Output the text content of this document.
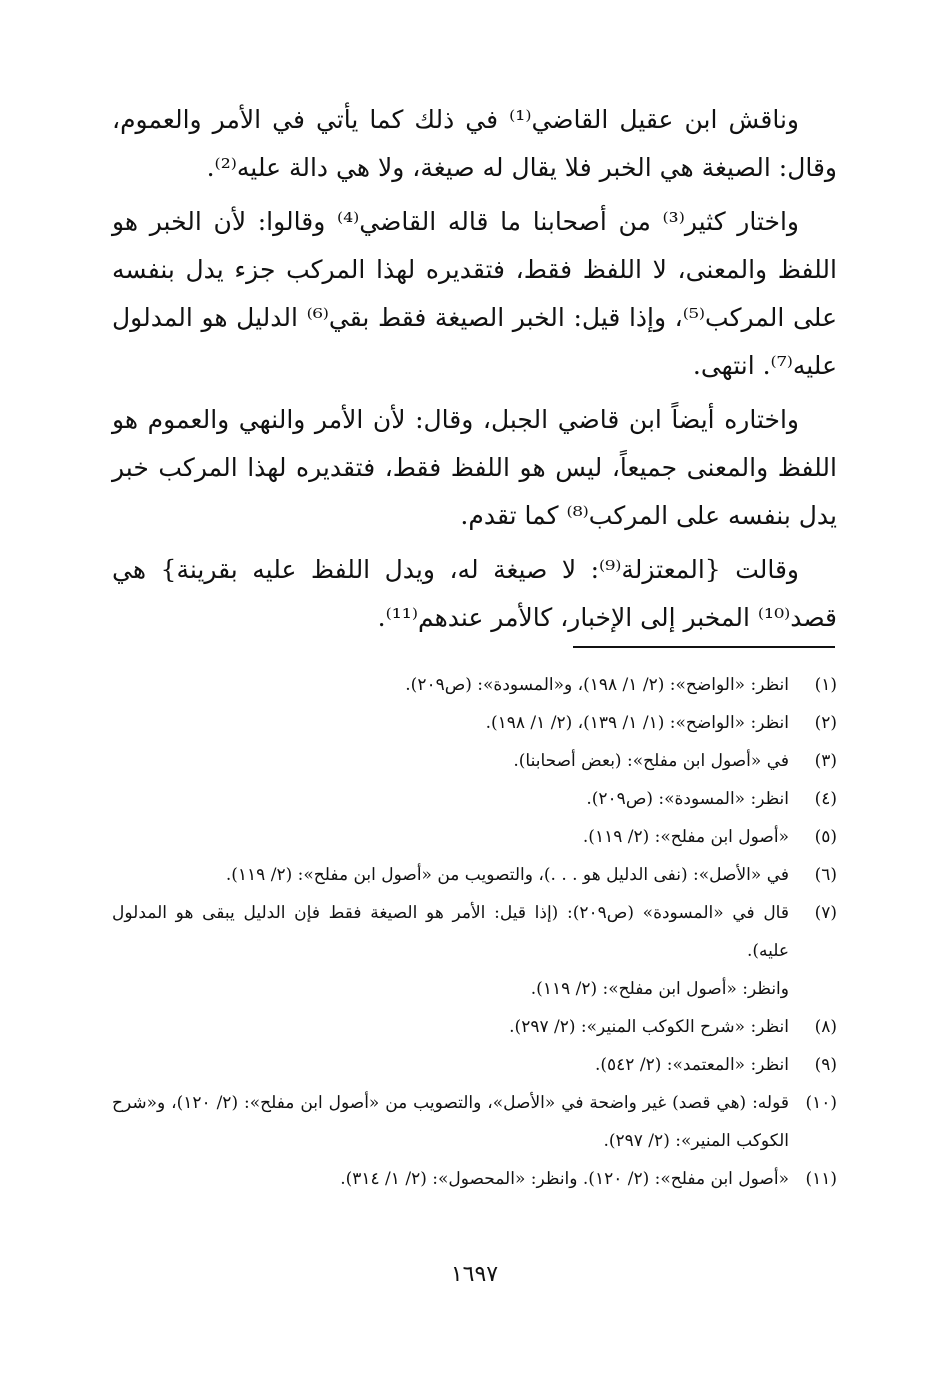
وناقش ابن عقيل القاضي⁽¹⁾ في ذلك كما يأتي في الأمر والعموم، وقال: الصيغة هي الخبر فلا يقال له صيغة، ولا هي دالة عليه⁽²⁾.

واختار كثير⁽³⁾ من أصحابنا ما قاله القاضي⁽⁴⁾ وقالوا: لأن الخبر هو اللفظ والمعنى، لا اللفظ فقط، فتقديره لهذا المركب جزء يدل بنفسه على المركب⁽⁵⁾، وإذا قيل: الخبر الصيغة فقط بقي⁽⁶⁾ الدليل هو المدلول عليه⁽⁷⁾. انتهى.

واختاره أيضاً ابن قاضي الجبل، وقال: لأن الأمر والنهي والعموم هو اللفظ والمعنى جميعاً، ليس هو اللفظ فقط، فتقديره لهذا المركب خبر يدل بنفسه على المركب⁽⁸⁾ كما تقدم.

وقالت {المعتزلة⁽⁹⁾: لا صيغة له، ويدل اللفظ عليه بقرينة} هي قصد⁽¹⁰⁾ المخبر إلى الإخبار، كالأمر عندهم⁽¹¹⁾.

(١)
انظر: «الواضح»: (٢/ ١/ ١٩٨)، و«المسودة»: (ص٢٠٩).
(٢)
انظر: «الواضح»: (١/ ١/ ١٣٩)، (٢/ ١/ ١٩٨).
(٣)
في «أصول ابن مفلح»: (بعض أصحابنا).
(٤)
انظر: «المسودة»: (ص٢٠٩).
(٥)
«أصول ابن مفلح»: (٢/ ١١٩).
(٦)
في «الأصل»: (نفى الدليل هو . . .)، والتصويب من «أصول ابن مفلح»: (٢/ ١١٩).
(٧)
قال في «المسودة» (ص٢٠٩): (إذا قيل: الأمر هو الصيغة فقط فإن الدليل يبقى هو المدلول عليه).
وانظر: «أصول ابن مفلح»: (٢/ ١١٩).
(٨)
انظر: «شرح الكوكب المنير»: (٢/ ٢٩٧).
(٩)
انظر: «المعتمد»: (٢/ ٥٤٢).
(١٠)
قوله: (هي قصد) غير واضحة في «الأصل»، والتصويب من «أصول ابن مفلح»: (٢/ ١٢٠)، و«شرح الكوكب المنير»: (٢/ ٢٩٧).
(١١)
«أصول ابن مفلح»: (٢/ ١٢٠). وانظر: «المحصول»: (٢/ ١/ ٣١٤).
١٦٩٧
